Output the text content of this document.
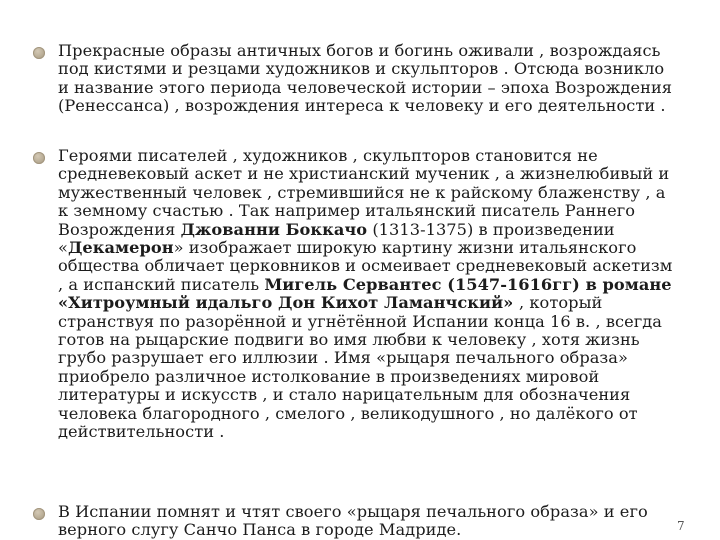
Прекрасные образы античных богов и богинь оживали , возрождаясь под кистями и резцами художников и скульпторов . Отсюда возникло и название этого периода человеческой истории – эпоха Возрождения (Ренессанса) , возрождения интереса к человеку и его деятельности .

Героями писателей , художников , скульпторов становится не средневековый аскет и не христианский мученик , а жизнелюбивый и мужественный человек , стремившийся не к райскому блаженству , а к земному счастью . Так например итальянский писатель Раннего Возрождения Джованни Боккачо (1313-1375) в произведении «Декамерон» изображает широкую картину жизни итальянского общества обличает церковников и осмеивает средневековый аскетизм , а испанский писатель Мигель Сервантес (1547-1616гг) в романе «Хитроумный идальго Дон Кихот Ламанчский» , который странствуя по разорённой и угнётённой Испании конца 16 в. , всегда готов на рыцарские подвиги во имя любви к человеку , хотя жизнь грубо разрушает его иллюзии . Имя «рыцаря печального образа» приобрело различное истолкование в произведениях мировой литературы и искусств , и стало нарицательным для обозначения человека благородного , смелого , великодушного , но далёкого от действительности .

В Испании помнят и чтят своего «рыцаря печального образа» и его верного слугу Санчо Панса в городе Мадриде.	7
